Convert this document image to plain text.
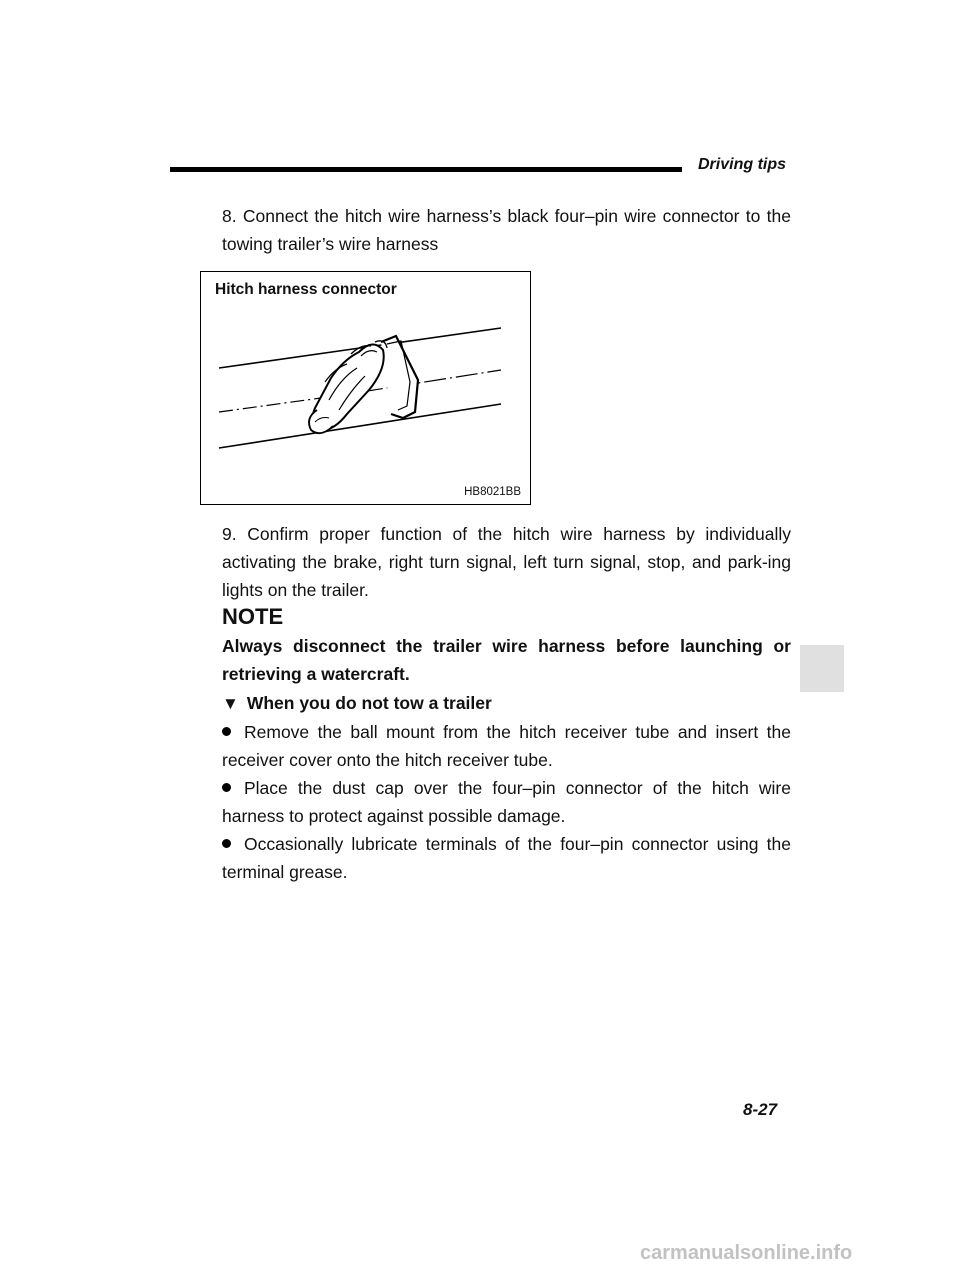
Driving tips

8. Connect the hitch wire harness’s black four–pin wire connector to the towing trailer’s wire harness

Hitch harness connector
HB8021BB

9. Confirm proper function of the hitch wire harness by individually activating the brake, right turn signal, left turn signal, stop, and park-ing lights on the trailer.

NOTE

Always disconnect the trailer wire harness before launching or retrieving a watercraft.

▼ When you do not tow a trailer

Remove the ball mount from the hitch receiver tube and insert the receiver cover onto the hitch receiver tube.

Place the dust cap over the four–pin connector of the hitch wire harness to protect against possible damage.

Occasionally lubricate terminals of the four–pin connector using the terminal grease.

8-27
carmanualsonline.info
